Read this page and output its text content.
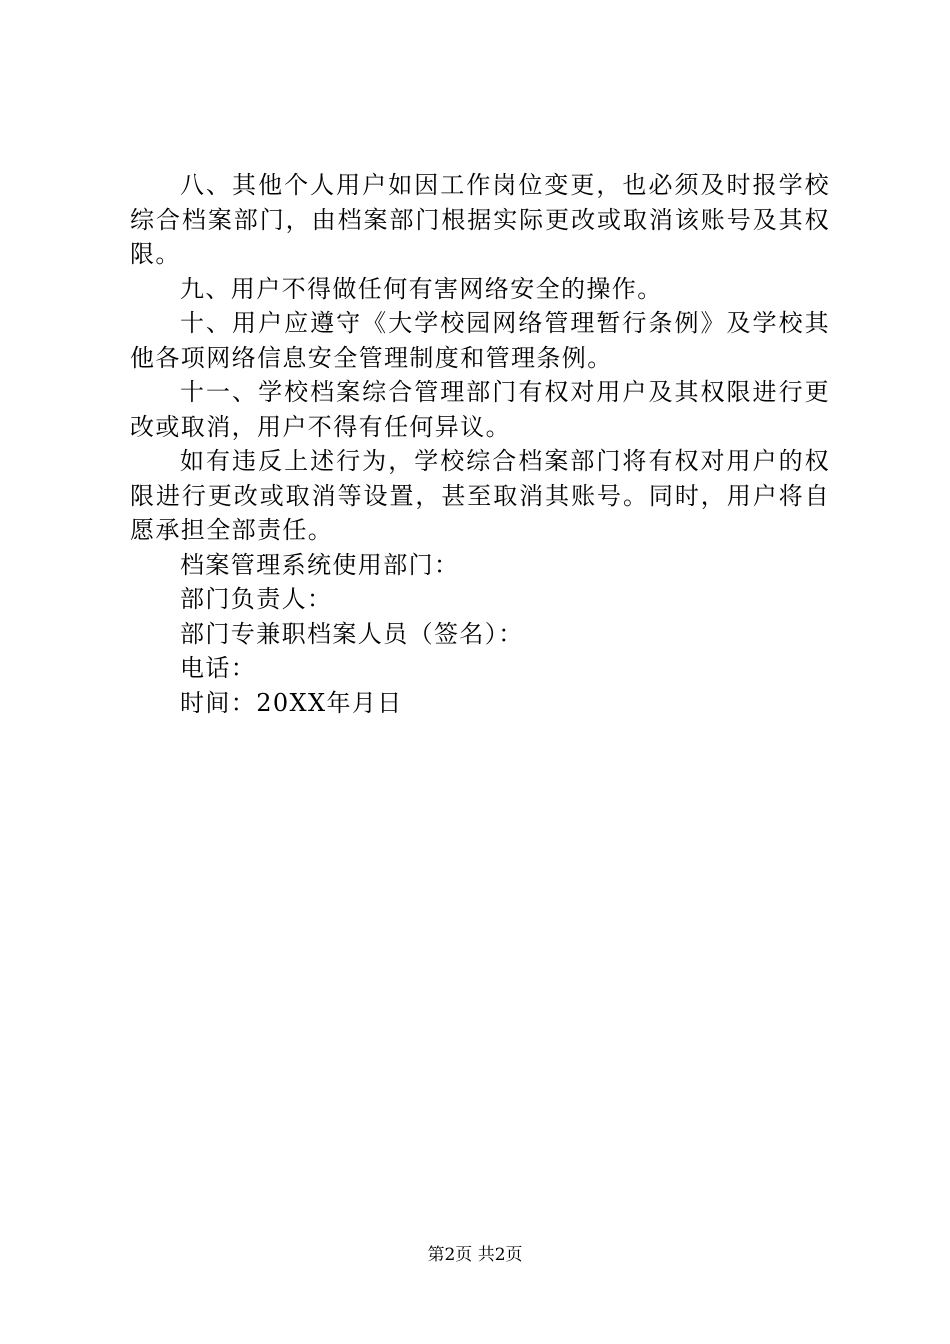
八、其他个人用户如因工作岗位变更，也必须及时报学校综合档案部门，由档案部门根据实际更改或取消该账号及其权限。

九、用户不得做任何有害网络安全的操作。

十、用户应遵守《大学校园网络管理暂行条例》及学校其他各项网络信息安全管理制度和管理条例。

十一、学校档案综合管理部门有权对用户及其权限进行更改或取消，用户不得有任何异议。

如有违反上述行为，学校综合档案部门将有权对用户的权限进行更改或取消等设置，甚至取消其账号。同时，用户将自愿承担全部责任。

档案管理系统使用部门：

部门负责人：

部门专兼职档案人员（签名）：

电话：

时间：20XX年月日

第2页 共2页
